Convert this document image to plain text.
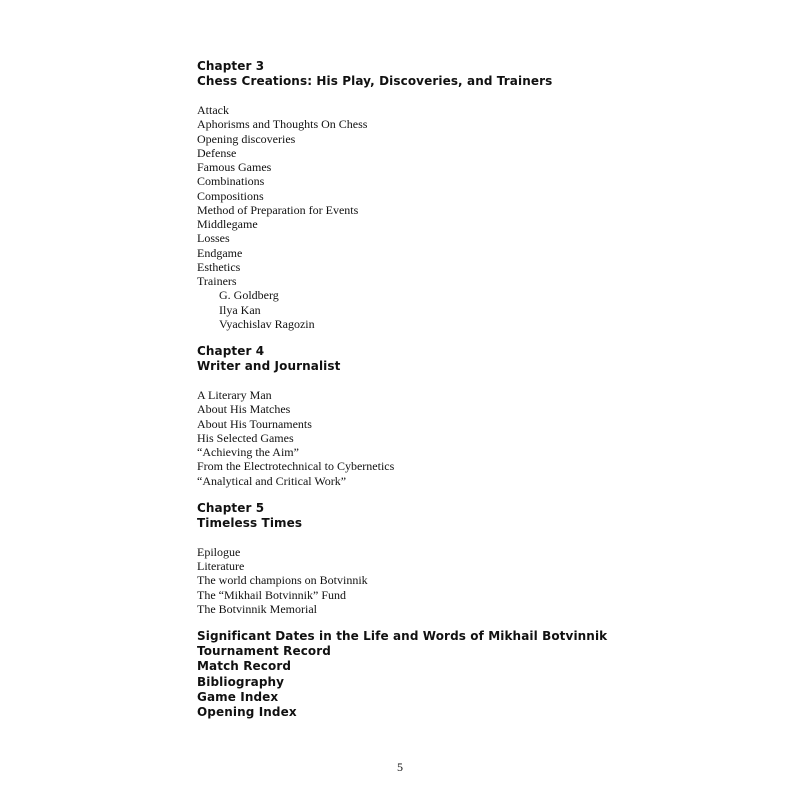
Chapter 3
Chess Creations: His Play, Discoveries, and Trainers
Attack
Aphorisms and Thoughts On Chess
Opening discoveries
Defense
Famous Games
Combinations
Compositions
Method of Preparation for Events
Middlegame
Losses
Endgame
Esthetics
Trainers
G. Goldberg
Ilya Kan
Vyachislav Ragozin
Chapter 4
Writer and Journalist
A Literary Man
About His Matches
About His Tournaments
His Selected Games
“Achieving the Aim”
From the Electrotechnical to Cybernetics
“Analytical and Critical Work”
Chapter 5
Timeless Times
Epilogue
Literature
The world champions on Botvinnik
The “Mikhail Botvinnik” Fund
The Botvinnik Memorial
Significant Dates in the Life and Words of Mikhail Botvinnik
Tournament Record
Match Record
Bibliography
Game Index
Opening Index
5
